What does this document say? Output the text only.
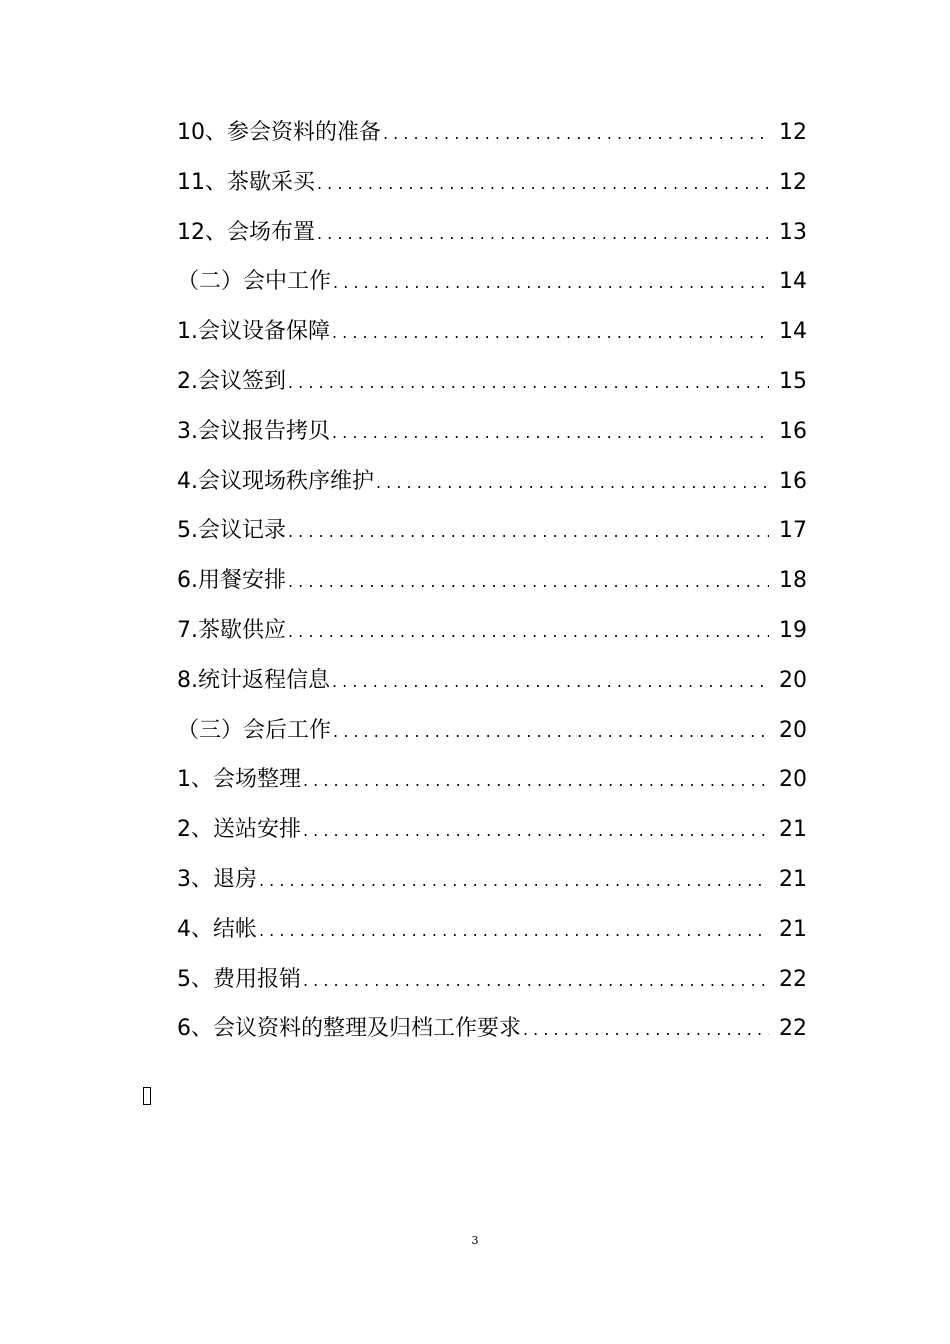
10、参会资料的准备 . . .	12
11、茶歇采买 . . .	12
12、会场布置 . . .	13
（二）会中工作 . . .	14
1.会议设备保障 . . .	14
2.会议签到 . . .	15
3.会议报告拷贝 . . .	16
4.会议现场秩序维护 . . .	16
5.会议记录 . . .	17
6.用餐安排 . . .	18
7.茶歇供应 . . .	19
8.统计返程信息 . . .	20
（三）会后工作 . . .	20
1、会场整理 . . .	20
2、送站安排 . . .	21
3、退房 . . .	21
4、结帐 . . .	21
5、费用报销 . . .	22
6、会议资料的整理及归档工作要求 . . .	22
3
